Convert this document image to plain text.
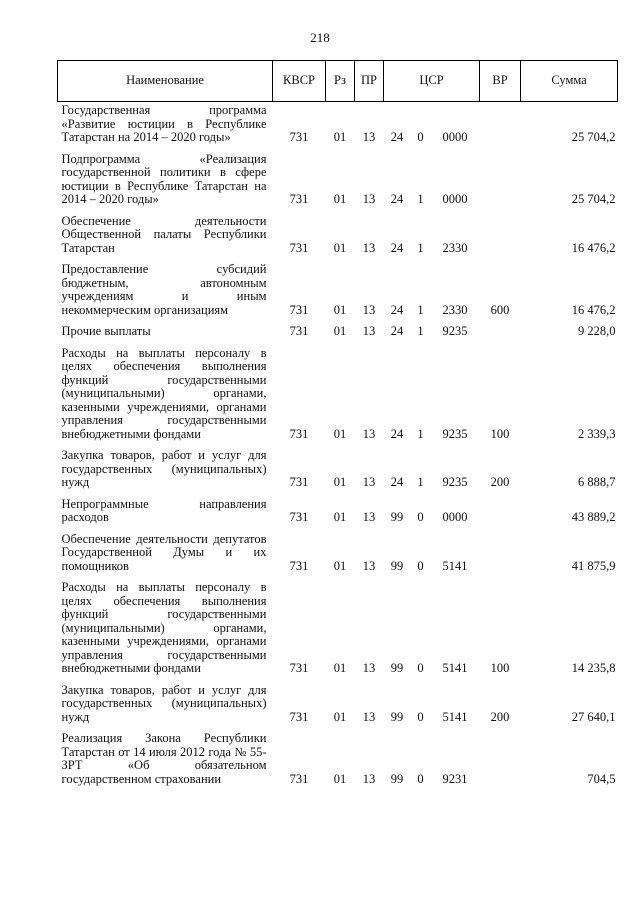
218
Наименование	КВСР	Рз	ПР	ЦСР			ВР	Сумма
Государственная программа «Развитие юстиции в Республике Татарстан на 2014 – 2020 годы»	731	01	13	24	0	0000		25 704,2
Подпрограмма «Реализация государственной политики в сфере юстиции в Республике Татарстан на 2014 – 2020 годы»	731	01	13	24	1	0000		25 704,2
Обеспечение деятельности Общественной палаты Республики Татарстан	731	01	13	24	1	2330		16 476,2
Предоставление субсидий бюджетным, автономным учреждениям и иным некоммерческим организациям	731	01	13	24	1	2330	600	16 476,2
Прочие выплаты	731	01	13	24	1	9235		9 228,0
Расходы на выплаты персоналу в целях обеспечения выполнения функций государственными (муниципальными) органами, казенными учреждениями, органами управления государственными внебюджетными фондами	731	01	13	24	1	9235	100	2 339,3
Закупка товаров, работ и услуг для государственных (муниципальных) нужд	731	01	13	24	1	9235	200	6 888,7
Непрограммные направления расходов	731	01	13	99	0	0000		43 889,2
Обеспечение деятельности депутатов Государственной Думы и их помощников	731	01	13	99	0	5141		41 875,9
Расходы на выплаты персоналу в целях обеспечения выполнения функций государственными (муниципальными) органами, казенными учреждениями, органами управления государственными внебюджетными фондами	731	01	13	99	0	5141	100	14 235,8
Закупка товаров, работ и услуг для государственных (муниципальных) нужд	731	01	13	99	0	5141	200	27 640,1
Реализация Закона Республики Татарстан от 14 июля 2012 года № 55-ЗРТ «Об обязательном государственном страховании	731	01	13	99	0	9231		704,5
